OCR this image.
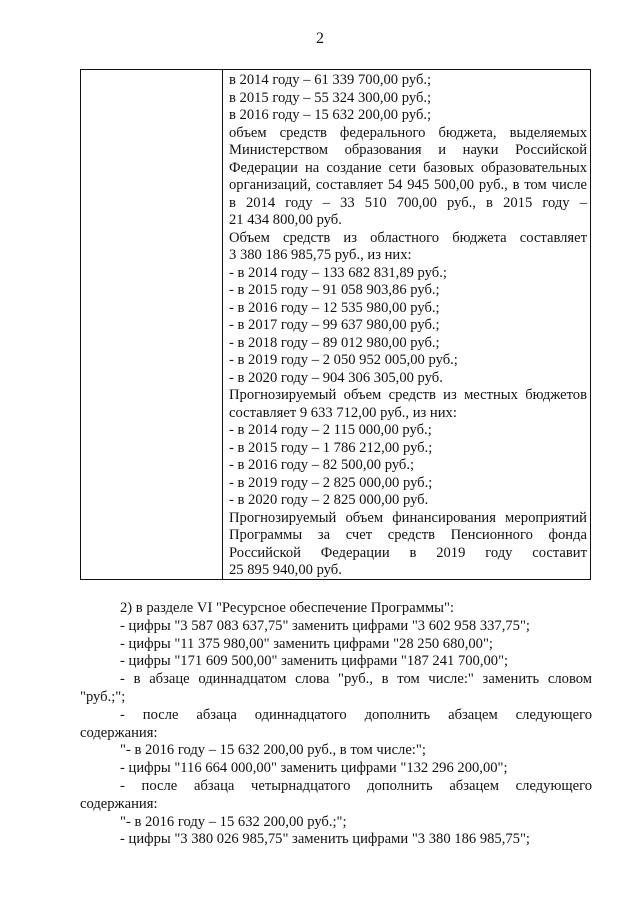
2
в 2014 году – 61 339 700,00 руб.;
в 2015 году – 55 324 300,00 руб.;
в 2016 году – 15 632 200,00 руб.;
объем средств федерального бюджета, выделяемых
Министерством образования и науки Российской
Федерации на создание сети базовых образовательных
организаций, составляет 54 945 500,00 руб., в том числе
в 2014 году – 33 510 700,00 руб., в 2015 году –
21 434 800,00 руб.
Объем средств из областного бюджета составляет
3 380 186 985,75 руб., из них:
- в 2014 году – 133 682 831,89 руб.;
- в 2015 году – 91 058 903,86 руб.;
- в 2016 году – 12 535 980,00 руб.;
- в 2017 году – 99 637 980,00 руб.;
- в 2018 году – 89 012 980,00 руб.;
- в 2019 году – 2 050 952 005,00 руб.;
- в 2020 году – 904 306 305,00 руб.
Прогнозируемый объем средств из местных бюджетов
составляет 9 633 712,00 руб., из них:
- в 2014 году – 2 115 000,00 руб.;
- в 2015 году – 1 786 212,00 руб.;
- в 2016 году – 82 500,00 руб.;
- в 2019 году – 2 825 000,00 руб.;
- в 2020 году – 2 825 000,00 руб.
Прогнозируемый объем финансирования мероприятий
Программы за счет средств Пенсионного фонда
Российской Федерации в 2019 году составит
25 895 940,00 руб.
2) в разделе VI "Ресурсное обеспечение Программы":
- цифры "3 587 083 637,75" заменить цифрами "3 602 958 337,75";
- цифры "11 375 980,00" заменить цифрами "28 250 680,00";
- цифры "171 609 500,00" заменить цифрами "187 241 700,00";
- в абзаце одиннадцатом слова "руб., в том числе:" заменить словом
"руб.;";
- после абзаца одиннадцатого дополнить абзацем следующего
содержания:
"- в 2016 году – 15 632 200,00 руб., в том числе:";
- цифры "116 664 000,00" заменить цифрами "132 296 200,00";
- после абзаца четырнадцатого дополнить абзацем следующего
содержания:
"- в 2016 году – 15 632 200,00 руб.;";
- цифры "3 380 026 985,75" заменить цифрами "3 380 186 985,75";
